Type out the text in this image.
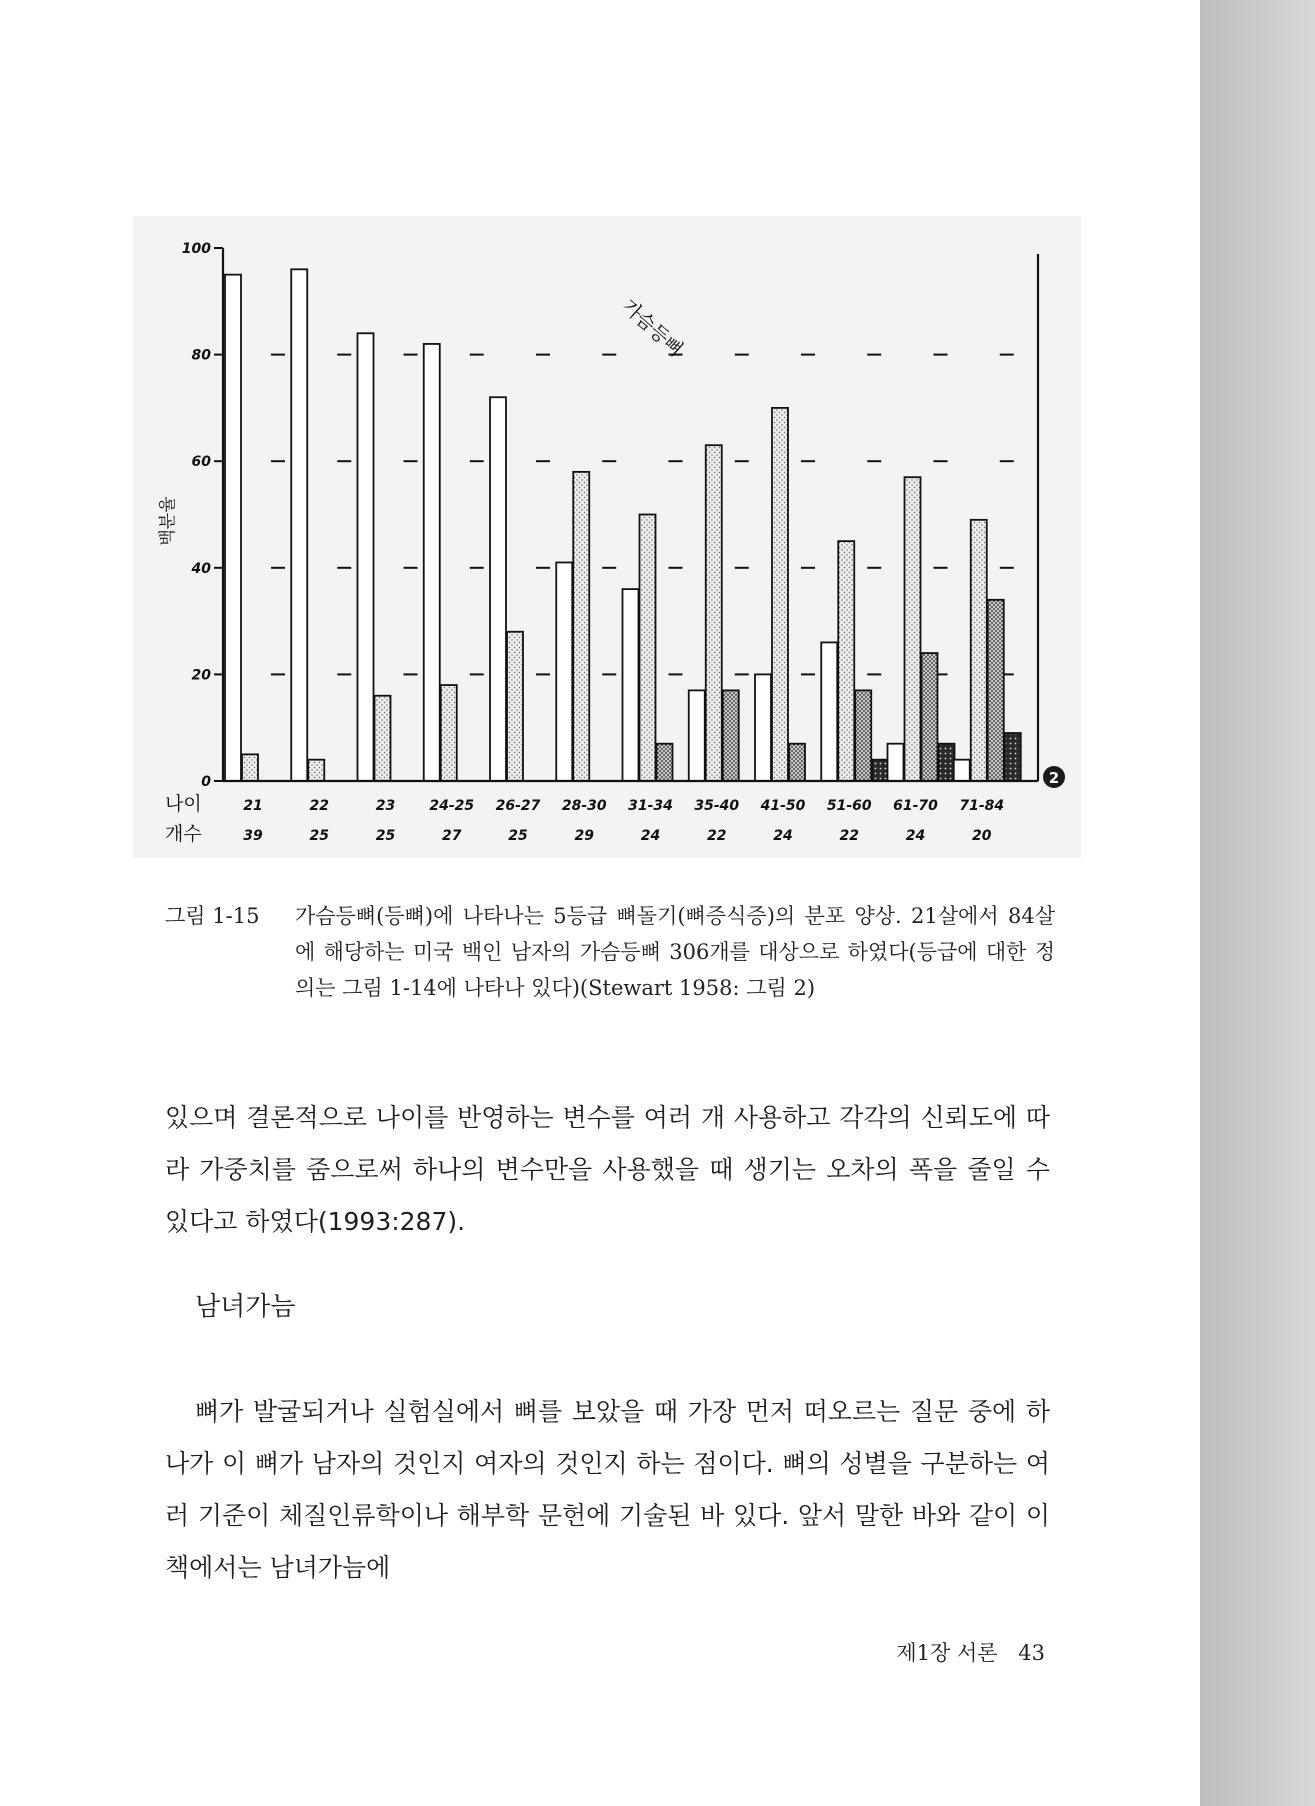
0
20
40
60
80
100
백분율
나이
개수
21
39
22
25
23
25
24-25
27
26-27
25
28-30
29
31-34
24
35-40
22
41-50
24
51-60
22
61-70
24
71-84
20
가슴등뼈
2
그림 1-15	가슴등뼈(등뼈)에 나타나는 5등급 뼈돌기(뼈증식증)의 분포 양상. 21살에서 84살에 해당하는 미국 백인 남자의 가슴등뼈 306개를 대상으로 하였다(등급에 대한 정의는 그림 1-14에 나타나 있다)(Stewart 1958: 그림 2)
있으며 결론적으로 나이를 반영하는 변수를 여러 개 사용하고 각각의 신뢰도에 따라 가중치를 줌으로써 하나의 변수만을 사용했을 때 생기는 오차의 폭을 줄일 수 있다고 하였다(1993:287).
남녀가늠
뼈가 발굴되거나 실험실에서 뼈를 보았을 때 가장 먼저 떠오르는 질문 중에 하나가 이 뼈가 남자의 것인지 여자의 것인지 하는 점이다. 뼈의 성별을 구분하는 여러 기준이 체질인류학이나 해부학 문헌에 기술된 바 있다. 앞서 말한 바와 같이 이 책에서는 남녀가늠에
제1장 서론 43
